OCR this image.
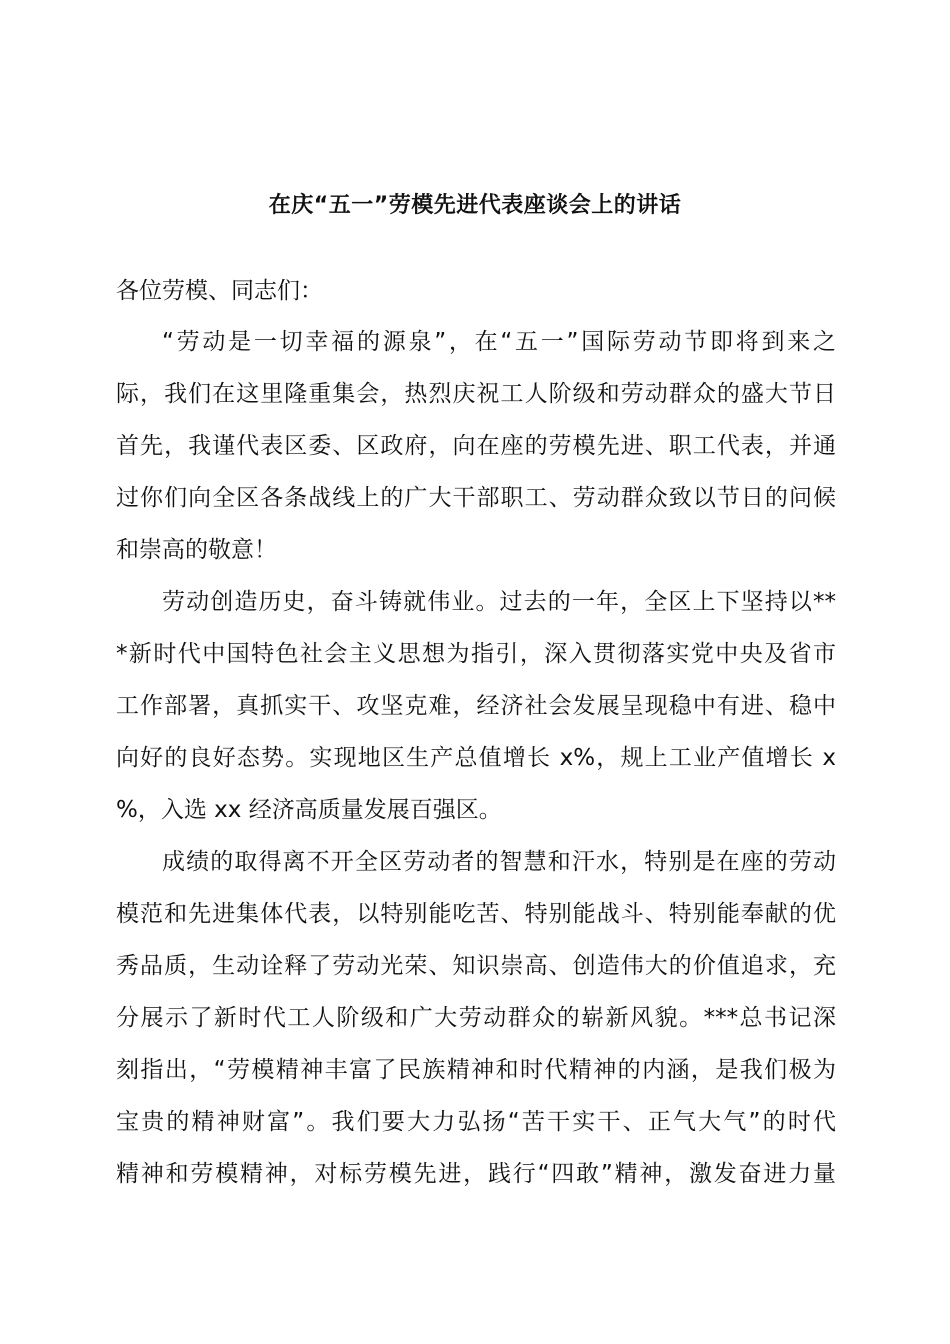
在庆“五一”劳模先进代表座谈会上的讲话
各位劳模、同志们：
“劳动是一切幸福的源泉”，在“五一”国际劳动节即将到来之
际，我们在这里隆重集会，热烈庆祝工人阶级和劳动群众的盛大节日
首先，我谨代表区委、区政府，向在座的劳模先进、职工代表，并通
过你们向全区各条战线上的广大干部职工、劳动群众致以节日的问候
和崇高的敬意！
劳动创造历史，奋斗铸就伟业。过去的一年，全区上下坚持以**
*新时代中国特色社会主义思想为指引，深入贯彻落实党中央及省市
工作部署，真抓实干、攻坚克难，经济社会发展呈现稳中有进、稳中
向好的良好态势。实现地区生产总值增长 x%，规上工业产值增长 x
%，入选 xx 经济高质量发展百强区。
成绩的取得离不开全区劳动者的智慧和汗水，特别是在座的劳动
模范和先进集体代表，以特别能吃苦、特别能战斗、特别能奉献的优
秀品质，生动诠释了劳动光荣、知识崇高、创造伟大的价值追求，充
分展示了新时代工人阶级和广大劳动群众的崭新风貌。***总书记深
刻指出，“劳模精神丰富了民族精神和时代精神的内涵，是我们极为
宝贵的精神财富”。我们要大力弘扬“苦干实干、正气大气”的时代
精神和劳模精神，对标劳模先进，践行“四敢”精神，激发奋进力量
